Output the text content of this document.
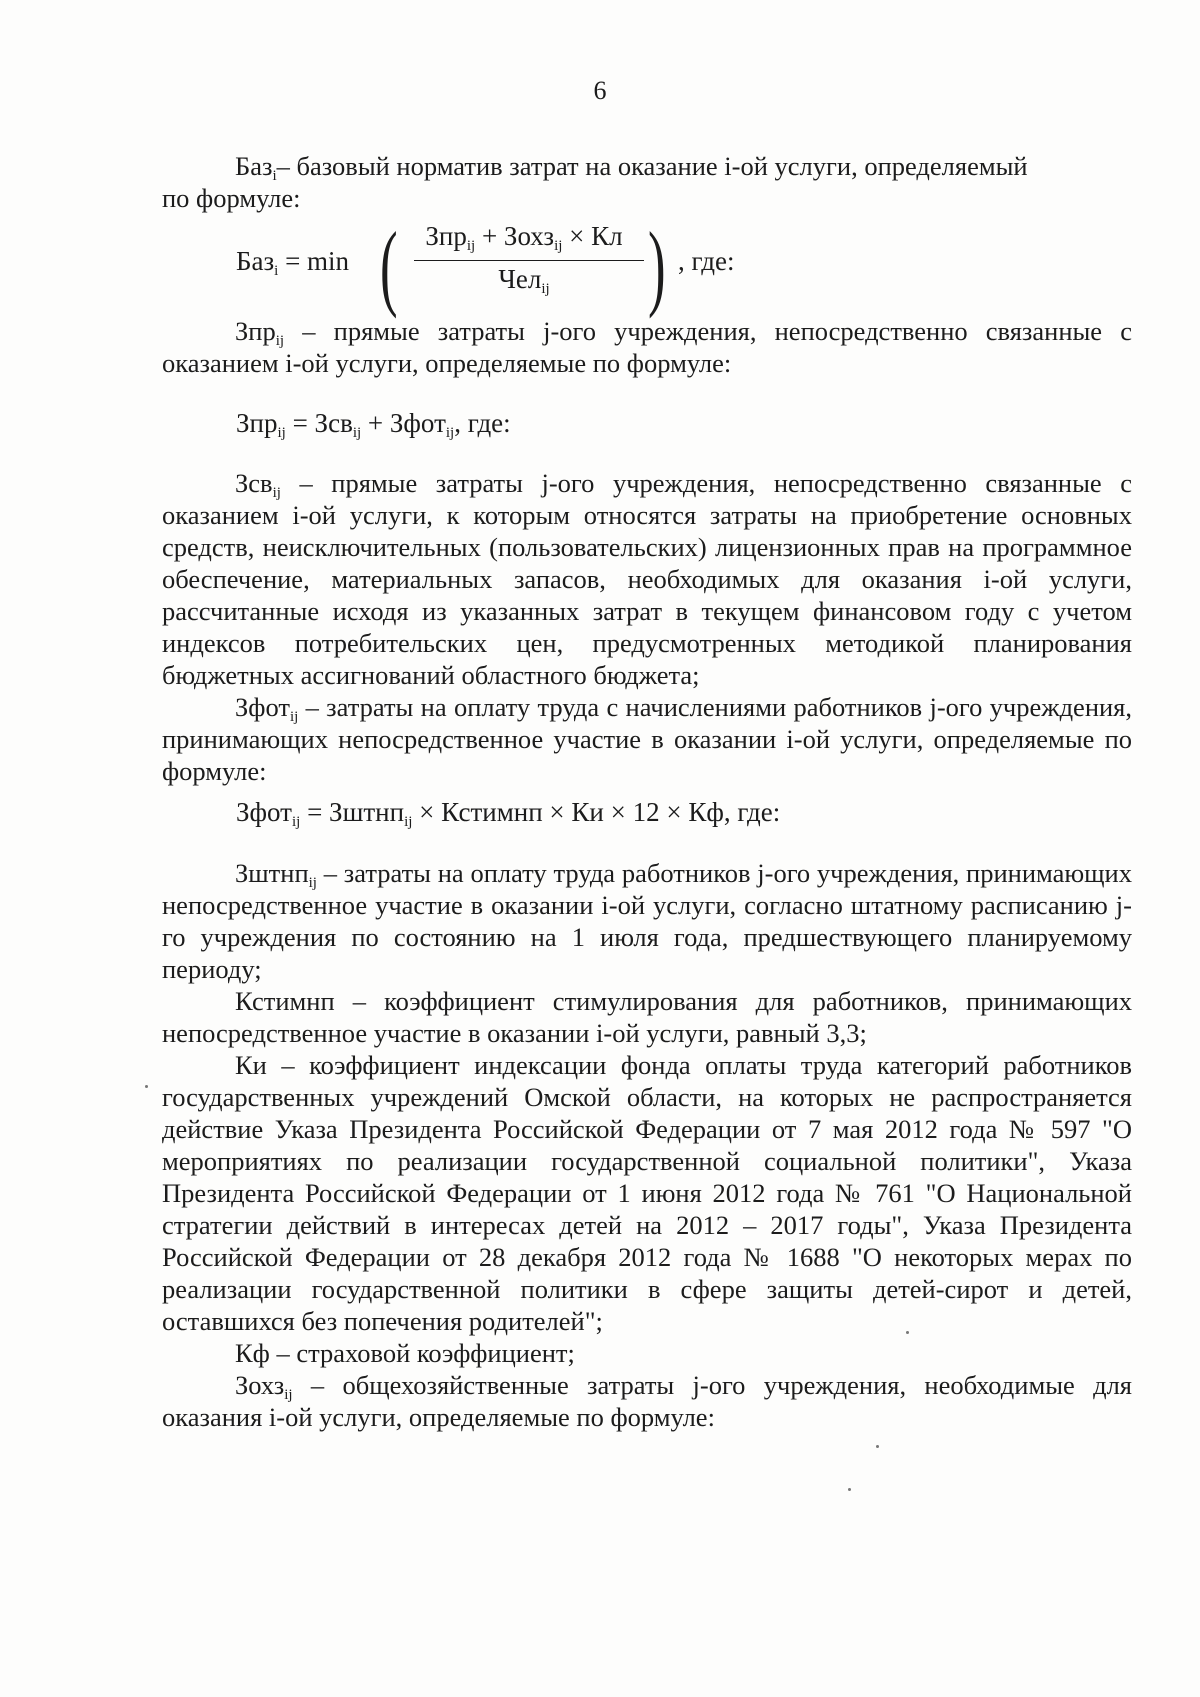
6

Баз$_i$– базовый норматив затрат на оказание i-ой услуги, определяемый

по формуле:

Баз$_i$ = min (	Зпр$_{ij}$ + Зохз$_{ij}$ × Кл
Чел$_{ij}$	) , где:

Зпр$_{ij}$ – прямые затраты j-ого учреждения, непосредственно связанные с оказанием i-ой услуги, определяемые по формуле:

Зпр$_{ij}$ = Зсв$_{ij}$ + Зфот$_{ij}$, где:

Зсв$_{ij}$ – прямые затраты j-ого учреждения, непосредственно связанные с оказанием i-ой услуги, к которым относятся затраты на приобретение основных средств, неисключительных (пользовательских) лицензионных прав на программное обеспечение, материальных запасов, необходимых для оказания i-ой услуги, рассчитанные исходя из указанных затрат в текущем финансовом году с учетом индексов потребительских цен, предусмотренных методикой планирования бюджетных ассигнований областного бюджета;

Зфот$_{ij}$ – затраты на оплату труда с начислениями работников j-ого учреждения, принимающих непосредственное участие в оказании i-ой услуги, определяемые по формуле:

Зфот$_{ij}$ = Зштнп$_{ij}$ × Кстимнп × Ки × 12 × Кф, где:

Зштнп$_{ij}$ – затраты на оплату труда работников j-ого учреждения, принимающих непосредственное участие в оказании i-ой услуги, согласно штатному расписанию j-го учреждения по состоянию на 1 июля года, предшествующего планируемому периоду;

Кстимнп – коэффициент стимулирования для работников, принимающих непосредственное участие в оказании i-ой услуги, равный 3,3;

Ки – коэффициент индексации фонда оплаты труда категорий работников государственных учреждений Омской области, на которых не распространяется действие Указа Президента Российской Федерации от 7 мая 2012 года № 597 "О мероприятиях по реализации государственной социальной политики", Указа Президента Российской Федерации от 1 июня 2012 года № 761 "О Национальной стратегии действий в интересах детей на 2012 – 2017 годы", Указа Президента Российской Федерации от 28 декабря 2012 года № 1688 "О некоторых мерах по реализации государственной политики в сфере защиты детей-сирот и детей, оставшихся без попечения родителей";

Кф – страховой коэффициент;

Зохз$_{ij}$ – общехозяйственные затраты j-ого учреждения, необходимые для оказания i-ой услуги, определяемые по формуле:
